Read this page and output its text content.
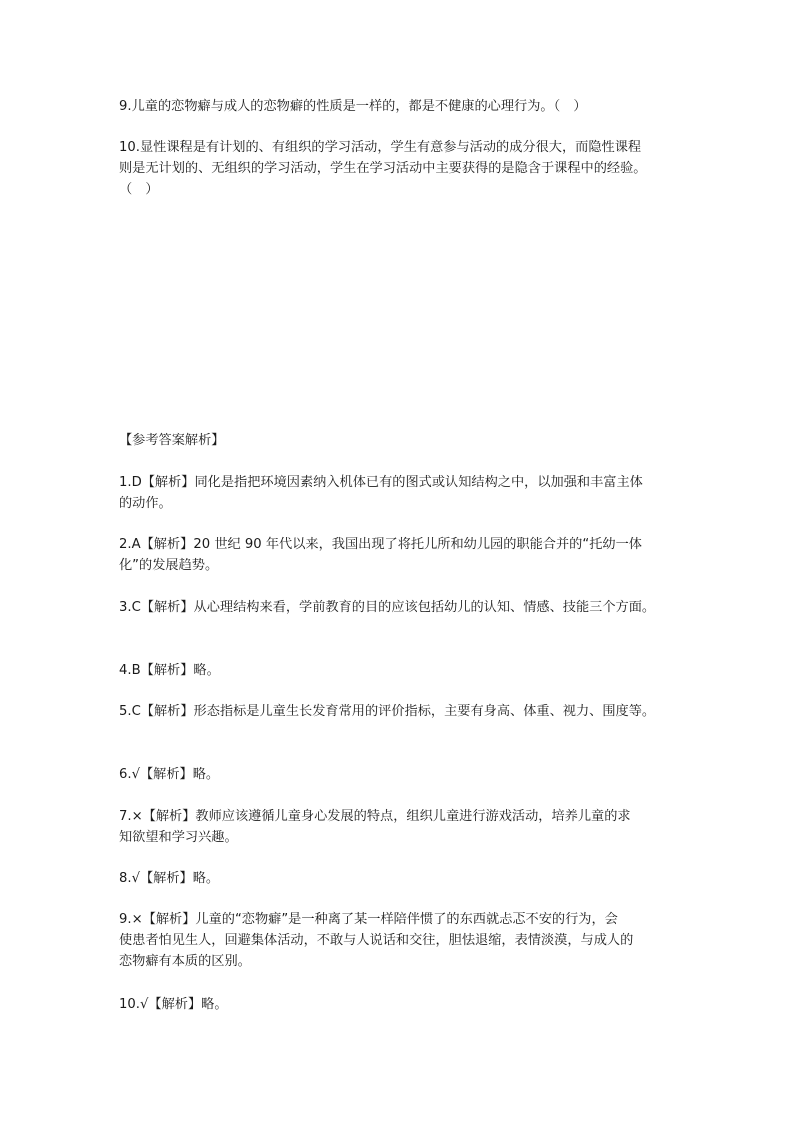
9.儿童的恋物癖与成人的恋物癖的性质是一样的，都是不健康的心理行为。（　）

10.显性课程是有计划的、有组织的学习活动，学生有意参与活动的成分很大，而隐性课程
则是无计划的、无组织的学习活动，学生在学习活动中主要获得的是隐含于课程中的经验。
（　）

【参考答案解析】

1.D【解析】同化是指把环境因素纳入机体已有的图式或认知结构之中，以加强和丰富主体
的动作。

2.A【解析】20 世纪 90 年代以来，我国出现了将托儿所和幼儿园的职能合并的“托幼一体
化”的发展趋势。

3.C【解析】从心理结构来看，学前教育的目的应该包括幼儿的认知、情感、技能三个方面。

4.B【解析】略。

5.C【解析】形态指标是儿童生长发育常用的评价指标，主要有身高、体重、视力、围度等。

6.√【解析】略。

7.×【解析】教师应该遵循儿童身心发展的特点，组织儿童进行游戏活动，培养儿童的求
知欲望和学习兴趣。

8.√【解析】略。

9.×【解析】儿童的“恋物癖”是一种离了某一样陪伴惯了的东西就忐忑不安的行为，会
使患者怕见生人，回避集体活动，不敢与人说话和交往，胆怯退缩，表情淡漠，与成人的
恋物癖有本质的区别。

10.√【解析】略。
